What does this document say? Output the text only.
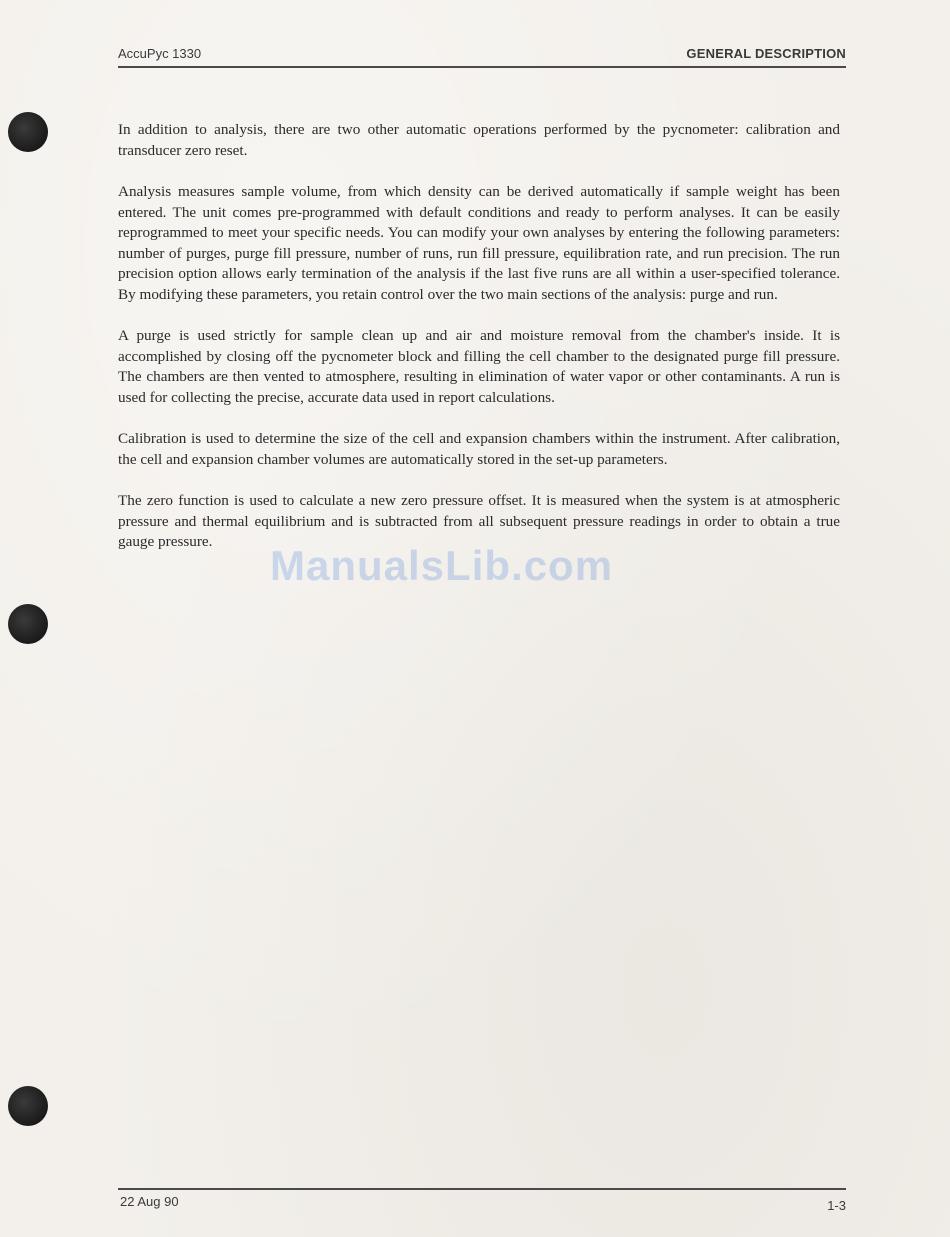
AccuPyc 1330	GENERAL DESCRIPTION

In addition to analysis, there are two other automatic operations performed by the pycnometer: calibration and transducer zero reset.

Analysis measures sample volume, from which density can be derived automatically if sample weight has been entered. The unit comes pre-programmed with default conditions and ready to perform analyses. It can be easily reprogrammed to meet your specific needs. You can modify your own analyses by entering the following parameters: number of purges, purge fill pressure, number of runs, run fill pressure, equilibration rate, and run precision. The run precision option allows early termination of the analysis if the last five runs are all within a user-specified tolerance. By modifying these parameters, you retain control over the two main sections of the analysis: purge and run.

A purge is used strictly for sample clean up and air and moisture removal from the chamber's inside. It is accomplished by closing off the pycnometer block and filling the cell chamber to the designated purge fill pressure. The chambers are then vented to atmosphere, resulting in elimination of water vapor or other contaminants. A run is used for collecting the precise, accurate data used in report calculations.

Calibration is used to determine the size of the cell and expansion chambers within the instrument. After calibration, the cell and expansion chamber volumes are automatically stored in the set-up parameters.

The zero function is used to calculate a new zero pressure offset. It is measured when the system is at atmospheric pressure and thermal equilibrium and is subtracted from all subsequent pressure readings in order to obtain a true gauge pressure.

ManualsLib.com
22 Aug 90	1-3
